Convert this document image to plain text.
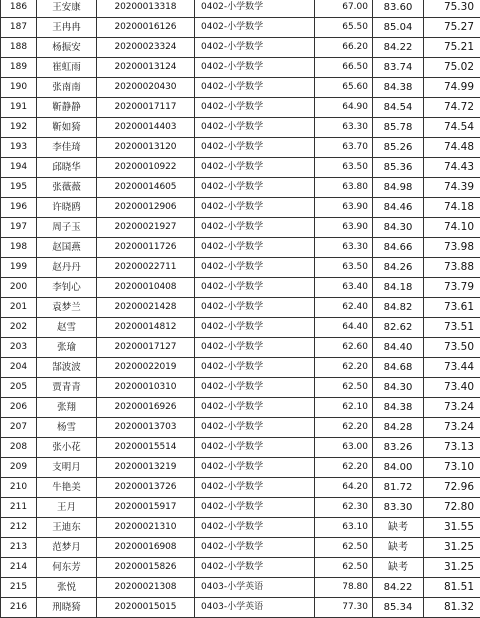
186	王安康	20200013318	0402-小学数学	67.00	83.60	75.30
187	王冉冉	20200016126	0402-小学数学	65.50	85.04	75.27
188	杨振安	20200023324	0402-小学数学	66.20	84.22	75.21
189	崔虹雨	20200013124	0402-小学数学	66.50	83.74	75.02
190	张南南	20200020430	0402-小学数学	65.60	84.38	74.99
191	靳静静	20200017117	0402-小学数学	64.90	84.54	74.72
192	靳如猗	20200014403	0402-小学数学	63.30	85.78	74.54
193	李佳琦	20200013120	0402-小学数学	63.70	85.26	74.48
194	邱晓华	20200010922	0402-小学数学	63.50	85.36	74.43
195	张薇薇	20200014605	0402-小学数学	63.80	84.98	74.39
196	许晓鸥	20200012906	0402-小学数学	63.90	84.46	74.18
197	周子玉	20200021927	0402-小学数学	63.90	84.30	74.10
198	赵国燕	20200011726	0402-小学数学	63.30	84.66	73.98
199	赵丹丹	20200022711	0402-小学数学	63.50	84.26	73.88
200	李钊心	20200010408	0402-小学数学	63.40	84.18	73.79
201	袁梦兰	20200021428	0402-小学数学	62.40	84.82	73.61
202	赵雪	20200014812	0402-小学数学	64.40	82.62	73.51
203	张瑜	20200017127	0402-小学数学	62.60	84.40	73.50
204	郜波波	20200022019	0402-小学数学	62.20	84.68	73.44
205	贾青青	20200010310	0402-小学数学	62.50	84.30	73.40
206	张翔	20200016926	0402-小学数学	62.10	84.38	73.24
207	杨雪	20200013703	0402-小学数学	62.20	84.28	73.24
208	张小花	20200015514	0402-小学数学	63.00	83.26	73.13
209	支明月	20200013219	0402-小学数学	62.20	84.00	73.10
210	牛艳美	20200013726	0402-小学数学	64.20	81.72	72.96
211	王月	20200015917	0402-小学数学	62.30	83.30	72.80
212	王迪东	20200021310	0402-小学数学	63.10	缺考	31.55
213	范梦月	20200016908	0402-小学数学	62.50	缺考	31.25
214	何东芳	20200015826	0402-小学数学	62.50	缺考	31.25
215	张悦	20200021308	0403-小学英语	78.80	84.22	81.51
216	刑晓猗	20200015015	0403-小学英语	77.30	85.34	81.32
